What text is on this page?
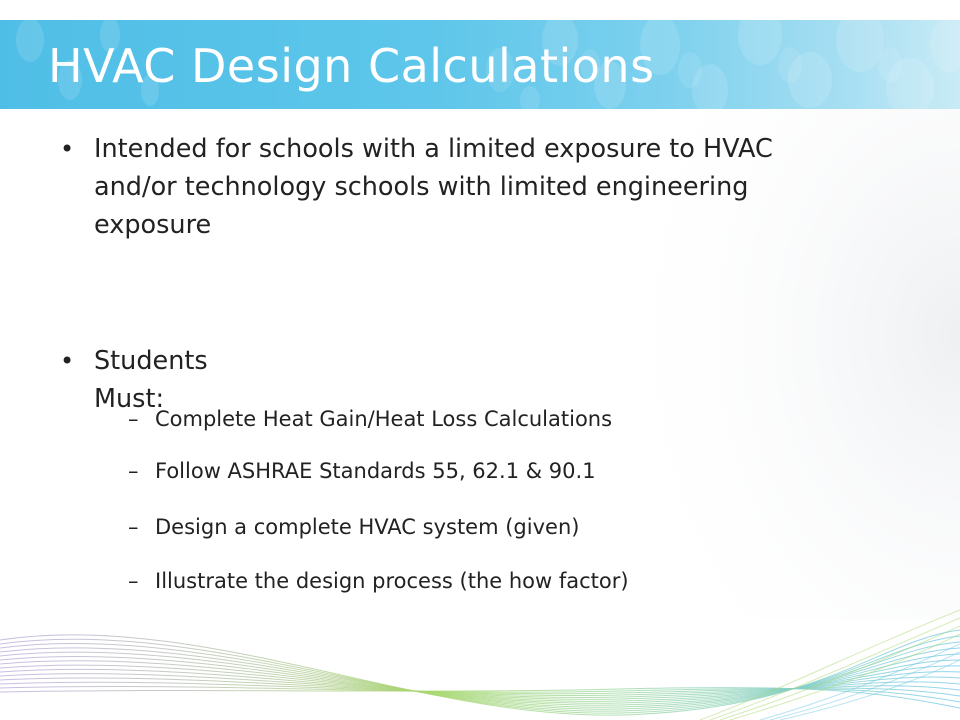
HVAC Design Calculations
• Intended for schools with a limited exposure to HVAC
and/or technology schools with limited engineering
exposure
• Students Must:
– Complete Heat Gain/Heat Loss Calculations
– Follow ASHRAE Standards 55, 62.1 & 90.1
– Design a complete HVAC system (given)
– Illustrate the design process (the how factor)
